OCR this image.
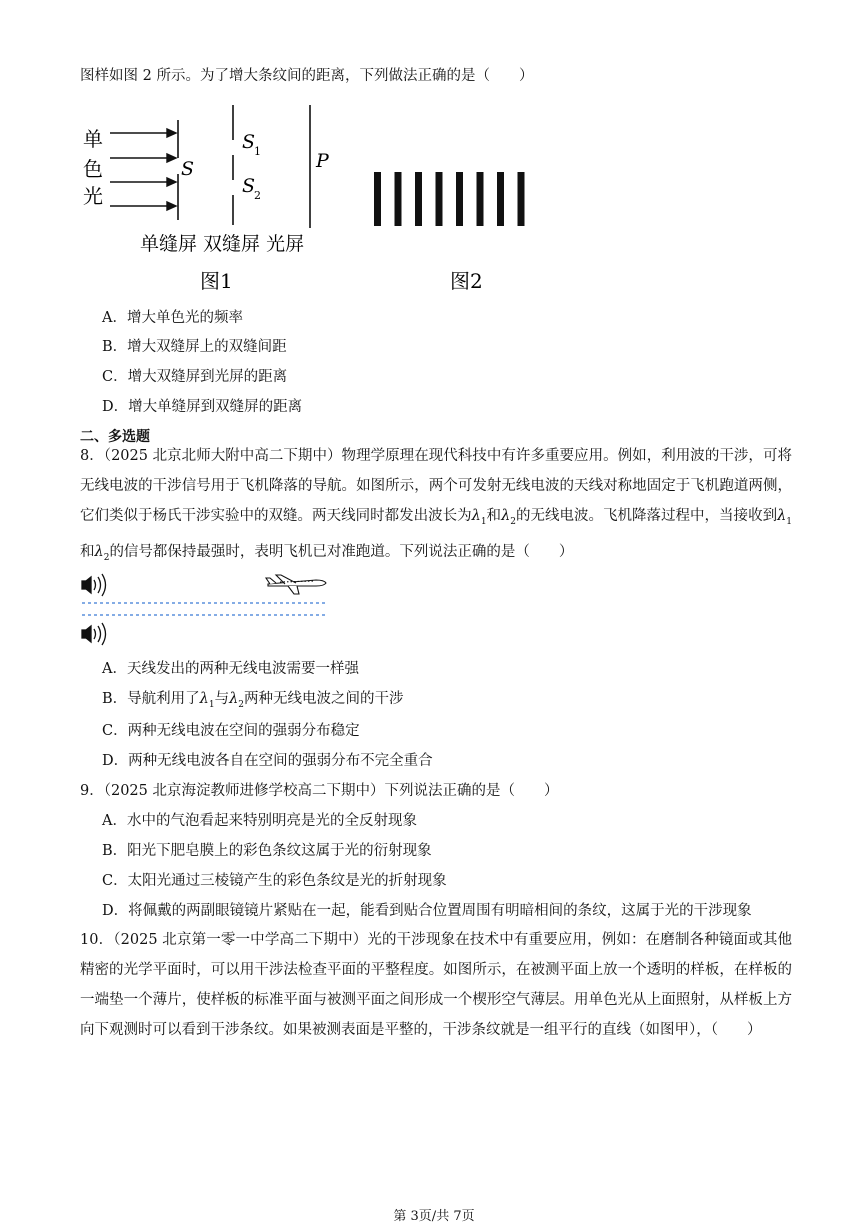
图样如图 2 所示。为了增大条纹间的距离，下列做法正确的是（　　）
单
色
光
S
S
1
S
2
P
单缝屏 双缝屏 光屏
图1	图2
A．增大单色光的频率
B．增大双缝屏上的双缝间距
C．增大双缝屏到光屏的距离
D．增大单缝屏到双缝屏的距离
二、多选题
8．（2025 北京北师大附中高二下期中）物理学原理在现代科技中有许多重要应用。例如，利用波的干涉，可将无线电波的干涉信号用于飞机降落的导航。如图所示，两个可发射无线电波的天线对称地固定于飞机跑道两侧，它们类似于杨氏干涉实验中的双缝。两天线同时都发出波长为$\lambda_1$和$\lambda_2$的无线电波。飞机降落过程中，当接收到$\lambda_1$和$\lambda_2$的信号都保持最强时，表明飞机已对准跑道。下列说法正确的是（　　）
A．天线发出的两种无线电波需要一样强
B．导航利用了$\lambda_1$与$\lambda_2$两种无线电波之间的干涉
C．两种无线电波在空间的强弱分布稳定
D．两种无线电波各自在空间的强弱分布不完全重合
9．（2025 北京海淀教师进修学校高二下期中）下列说法正确的是（　　）
A．水中的气泡看起来特别明亮是光的全反射现象
B．阳光下肥皂膜上的彩色条纹这属于光的衍射现象
C．太阳光通过三棱镜产生的彩色条纹是光的折射现象
D．将佩戴的两副眼镜镜片紧贴在一起，能看到贴合位置周围有明暗相间的条纹，这属于光的干涉现象
10．（2025 北京第一零一中学高二下期中）光的干涉现象在技术中有重要应用，例如：在磨制各种镜面或其他精密的光学平面时，可以用干涉法检查平面的平整程度。如图所示，在被测平面上放一个透明的样板，在样板的一端垫一个薄片，使样板的标准平面与被测平面之间形成一个楔形空气薄层。用单色光从上面照射，从样板上方向下观测时可以看到干涉条纹。如果被测表面是平整的，干涉条纹就是一组平行的直线（如图甲），（　　）
第 3页/共 7页
